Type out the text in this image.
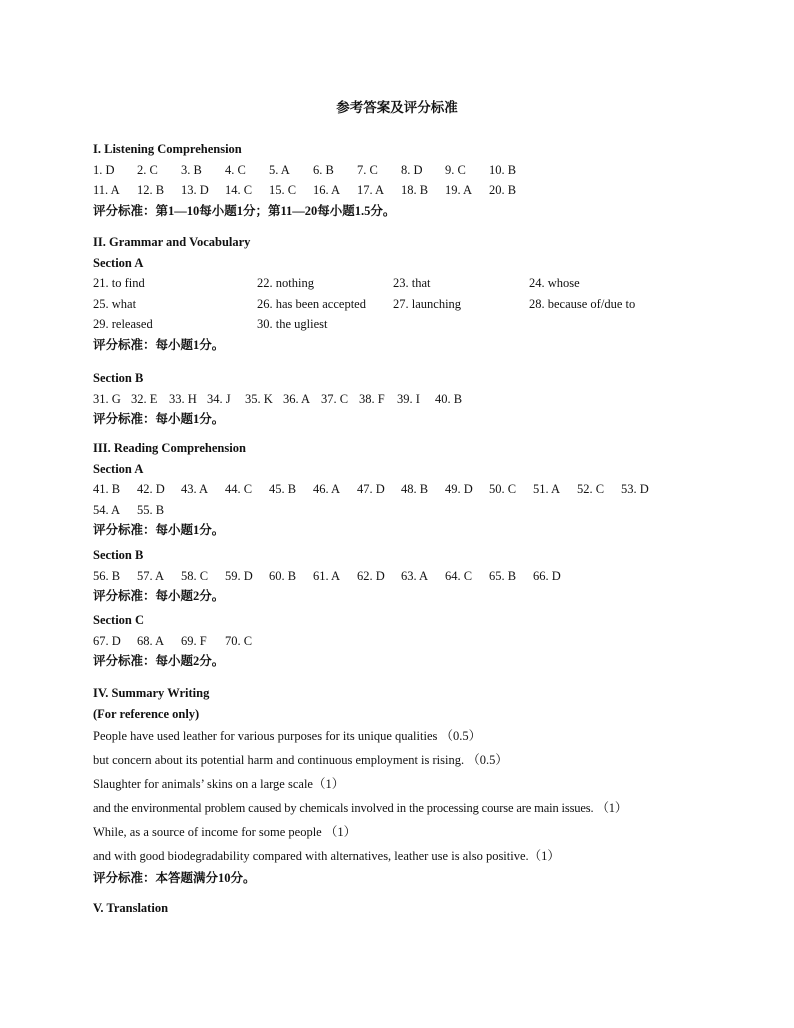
参考答案及评分标准
I. Listening Comprehension
1. D 2. C 3. B 4. C 5. A 6. B 7. C 8. D 9. C 10. B
11. A 12. B 13. D 14. C 15. C 16. A 17. A 18. B 19. A 20. B
评分标准：第1—10每小题1分；第11—20每小题1.5分。
II. Grammar and Vocabulary
Section A
21. to find	22. nothing	23. that	24. whose
25. what	26. has been accepted	27. launching	28. because of/due to
29. released	30. the ugliest
评分标准：每小题1分。
Section B
31. G 32. E 33. H 34. J 35. K 36. A 37. C 38. F 39. I 40. B
评分标准：每小题1分。
III. Reading Comprehension
Section A
41. B 42. D 43. A 44. C 45. B 46. A 47. D 48. B 49. D 50. C 51. A 52. C 53. D
54. A 55. B
评分标准：每小题1分。
Section B
56. B 57. A 58. C 59. D 60. B 61. A 62. D 63. A 64. C 65. B 66. D
评分标准：每小题2分。
Section C
67. D 68. A 69. F 70. C
评分标准：每小题2分。
IV. Summary Writing
(For reference only)
People have used leather for various purposes for its unique qualities （0.5）
but concern about its potential harm and continuous employment is rising. （0.5）
Slaughter for animals’ skins on a large scale（1）
and the environmental problem caused by chemicals involved in the processing course are main issues. （1）
While, as a source of income for some people （1）
and with good biodegradability compared with alternatives, leather use is also positive.（1）
评分标准：本答题满分10分。
V. Translation
